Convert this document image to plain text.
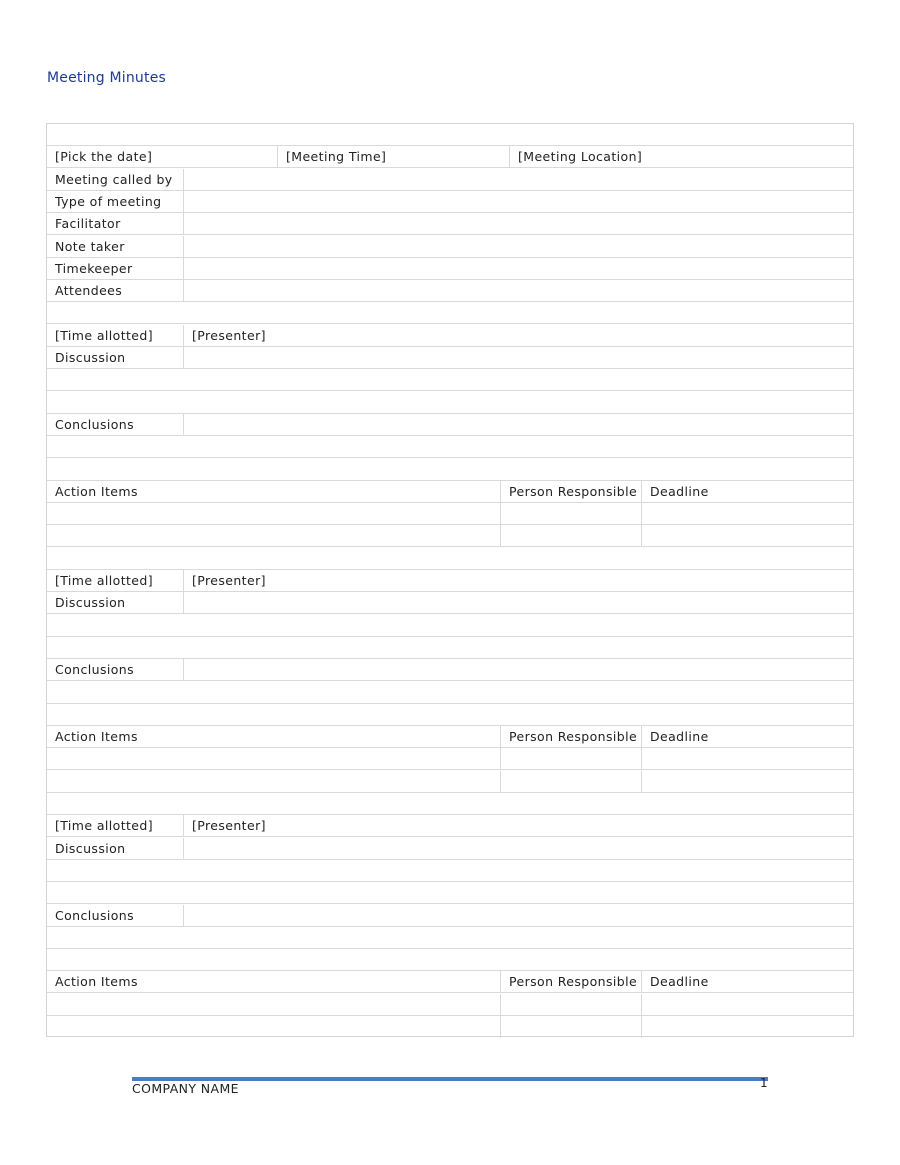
Meeting Minutes
[Pick the date]	[Meeting Time]	[Meeting Location]
Meeting called by
Type of meeting
Facilitator
Note taker
Timekeeper
Attendees
[Time allotted]	[Presenter]
Discussion
Conclusions
Action Items	Person Responsible	Deadline
[Time allotted]	[Presenter]
Discussion
Conclusions
Action Items	Person Responsible	Deadline
[Time allotted]	[Presenter]
Discussion
Conclusions
Action Items	Person Responsible	Deadline
COMPANY NAME	1
